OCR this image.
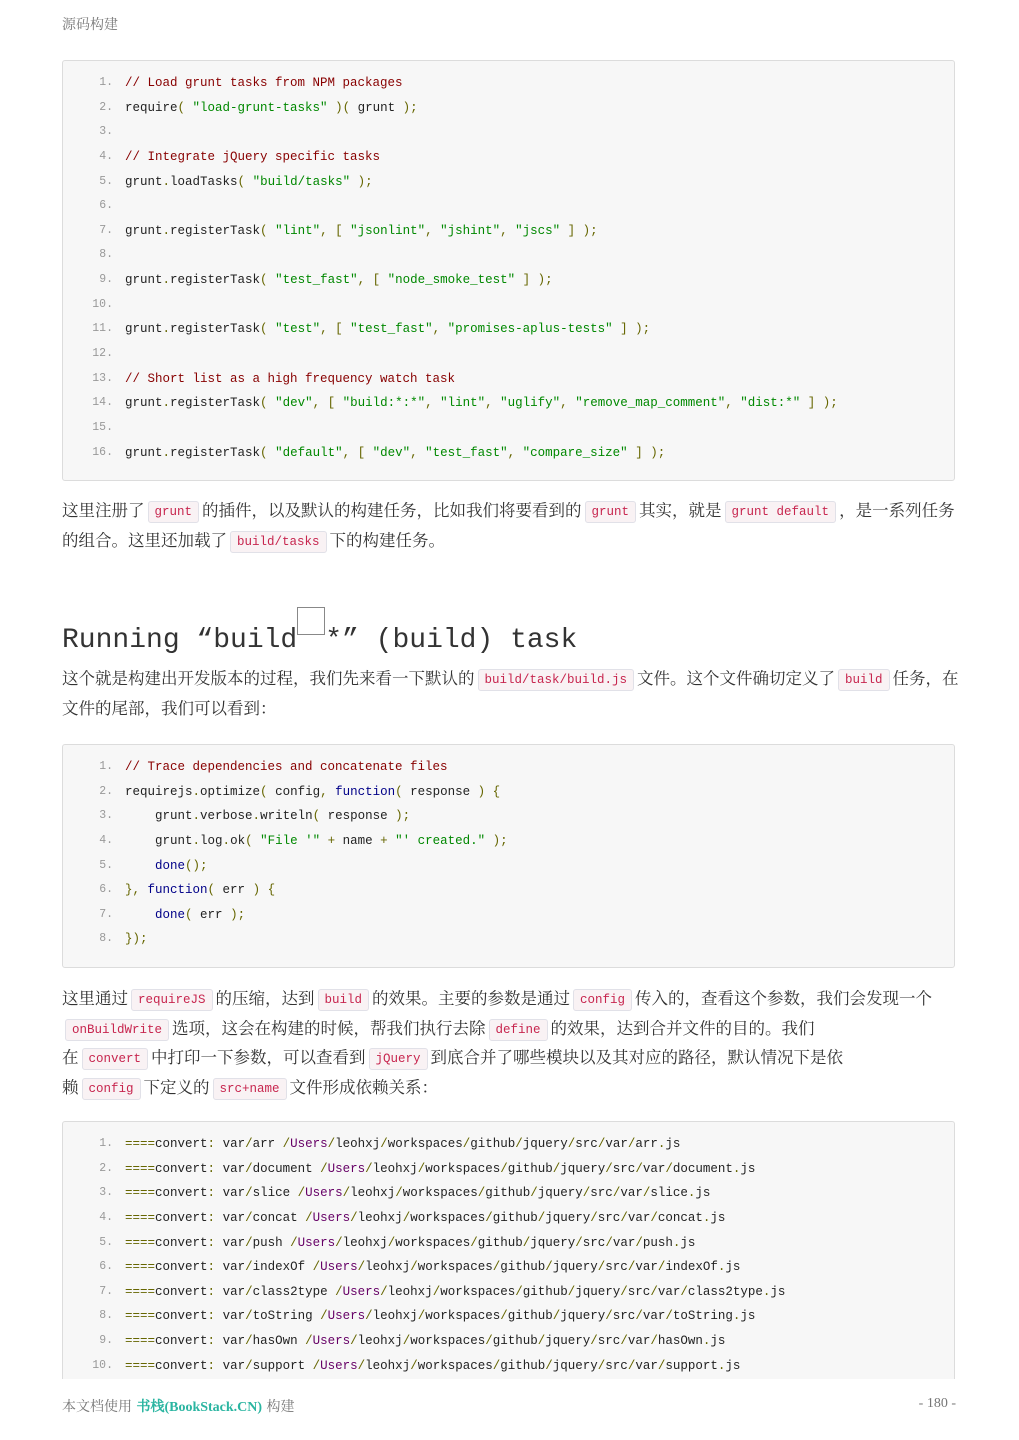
源码构建
1. // Load grunt tasks from NPM packages
2. require( "load-grunt-tasks" )( grunt );
3.
4. // Integrate jQuery specific tasks
5. grunt.loadTasks( "build/tasks" );
6.
7. grunt.registerTask( "lint", [ "jsonlint", "jshint", "jscs" ] );
8.
9. grunt.registerTask( "test_fast", [ "node_smoke_test" ] );
10.
11. grunt.registerTask( "test", [ "test_fast", "promises-aplus-tests" ] );
12.
13. // Short list as a high frequency watch task
14. grunt.registerTask( "dev", [ "build:*:*", "lint", "uglify", "remove_map_comment", "dist:*" ] );
15.
16. grunt.registerTask( "default", [ "dev", "test_fast", "compare_size" ] );

这里注册了 grunt 的插件，以及默认的构建任务，比如我们将要看到的 grunt 其实，就是 grunt default ，是一系列任务的组合。这里还加载了 build/tasks 下的构建任务。

Running “build *” (build) task

这个就是构建出开发版本的过程，我们先来看一下默认的 build/task/build.js 文件。这个文件确切定义了 build 任务，在文件的尾部，我们可以看到：

1. // Trace dependencies and concatenate files
2. requirejs.optimize( config, function( response ) {
3. grunt.verbose.writeln( response );
4. grunt.log.ok( "File '" + name + "' created." );
5.	done();
6. }, function( err ) {
7.	done( err );
8. });

这里通过 requireJS 的压缩，达到 build 的效果。主要的参数是通过 config 传入的，查看这个参数，我们会发现一个onBuildWrite 选项，这会在构建的时候，帮我们执行去除 define 的效果，达到合并文件的目的。我们
在 convert 中打印一下参数，可以查看到 jQuery 到底合并了哪些模块以及其对应的路径，默认情况下是依
赖 config 下定义的 src+name 文件形成依赖关系：

1. ====convert: var/arr /Users/leohxj/workspaces/github/jquery/src/var/arr.js
2. ====convert: var/document /Users/leohxj/workspaces/github/jquery/src/var/document.js
3. ====convert: var/slice /Users/leohxj/workspaces/github/jquery/src/var/slice.js
4. ====convert: var/concat /Users/leohxj/workspaces/github/jquery/src/var/concat.js
5. ====convert: var/push /Users/leohxj/workspaces/github/jquery/src/var/push.js
6. ====convert: var/indexOf /Users/leohxj/workspaces/github/jquery/src/var/indexOf.js
7. ====convert: var/class2type /Users/leohxj/workspaces/github/jquery/src/var/class2type.js
8. ====convert: var/toString /Users/leohxj/workspaces/github/jquery/src/var/toString.js
9. ====convert: var/hasOwn /Users/leohxj/workspaces/github/jquery/src/var/hasOwn.js
10. ====convert: var/support /Users/leohxj/workspaces/github/jquery/src/var/support.js
本文档使用 书栈(BookStack.CN) 构建	- 180 -
